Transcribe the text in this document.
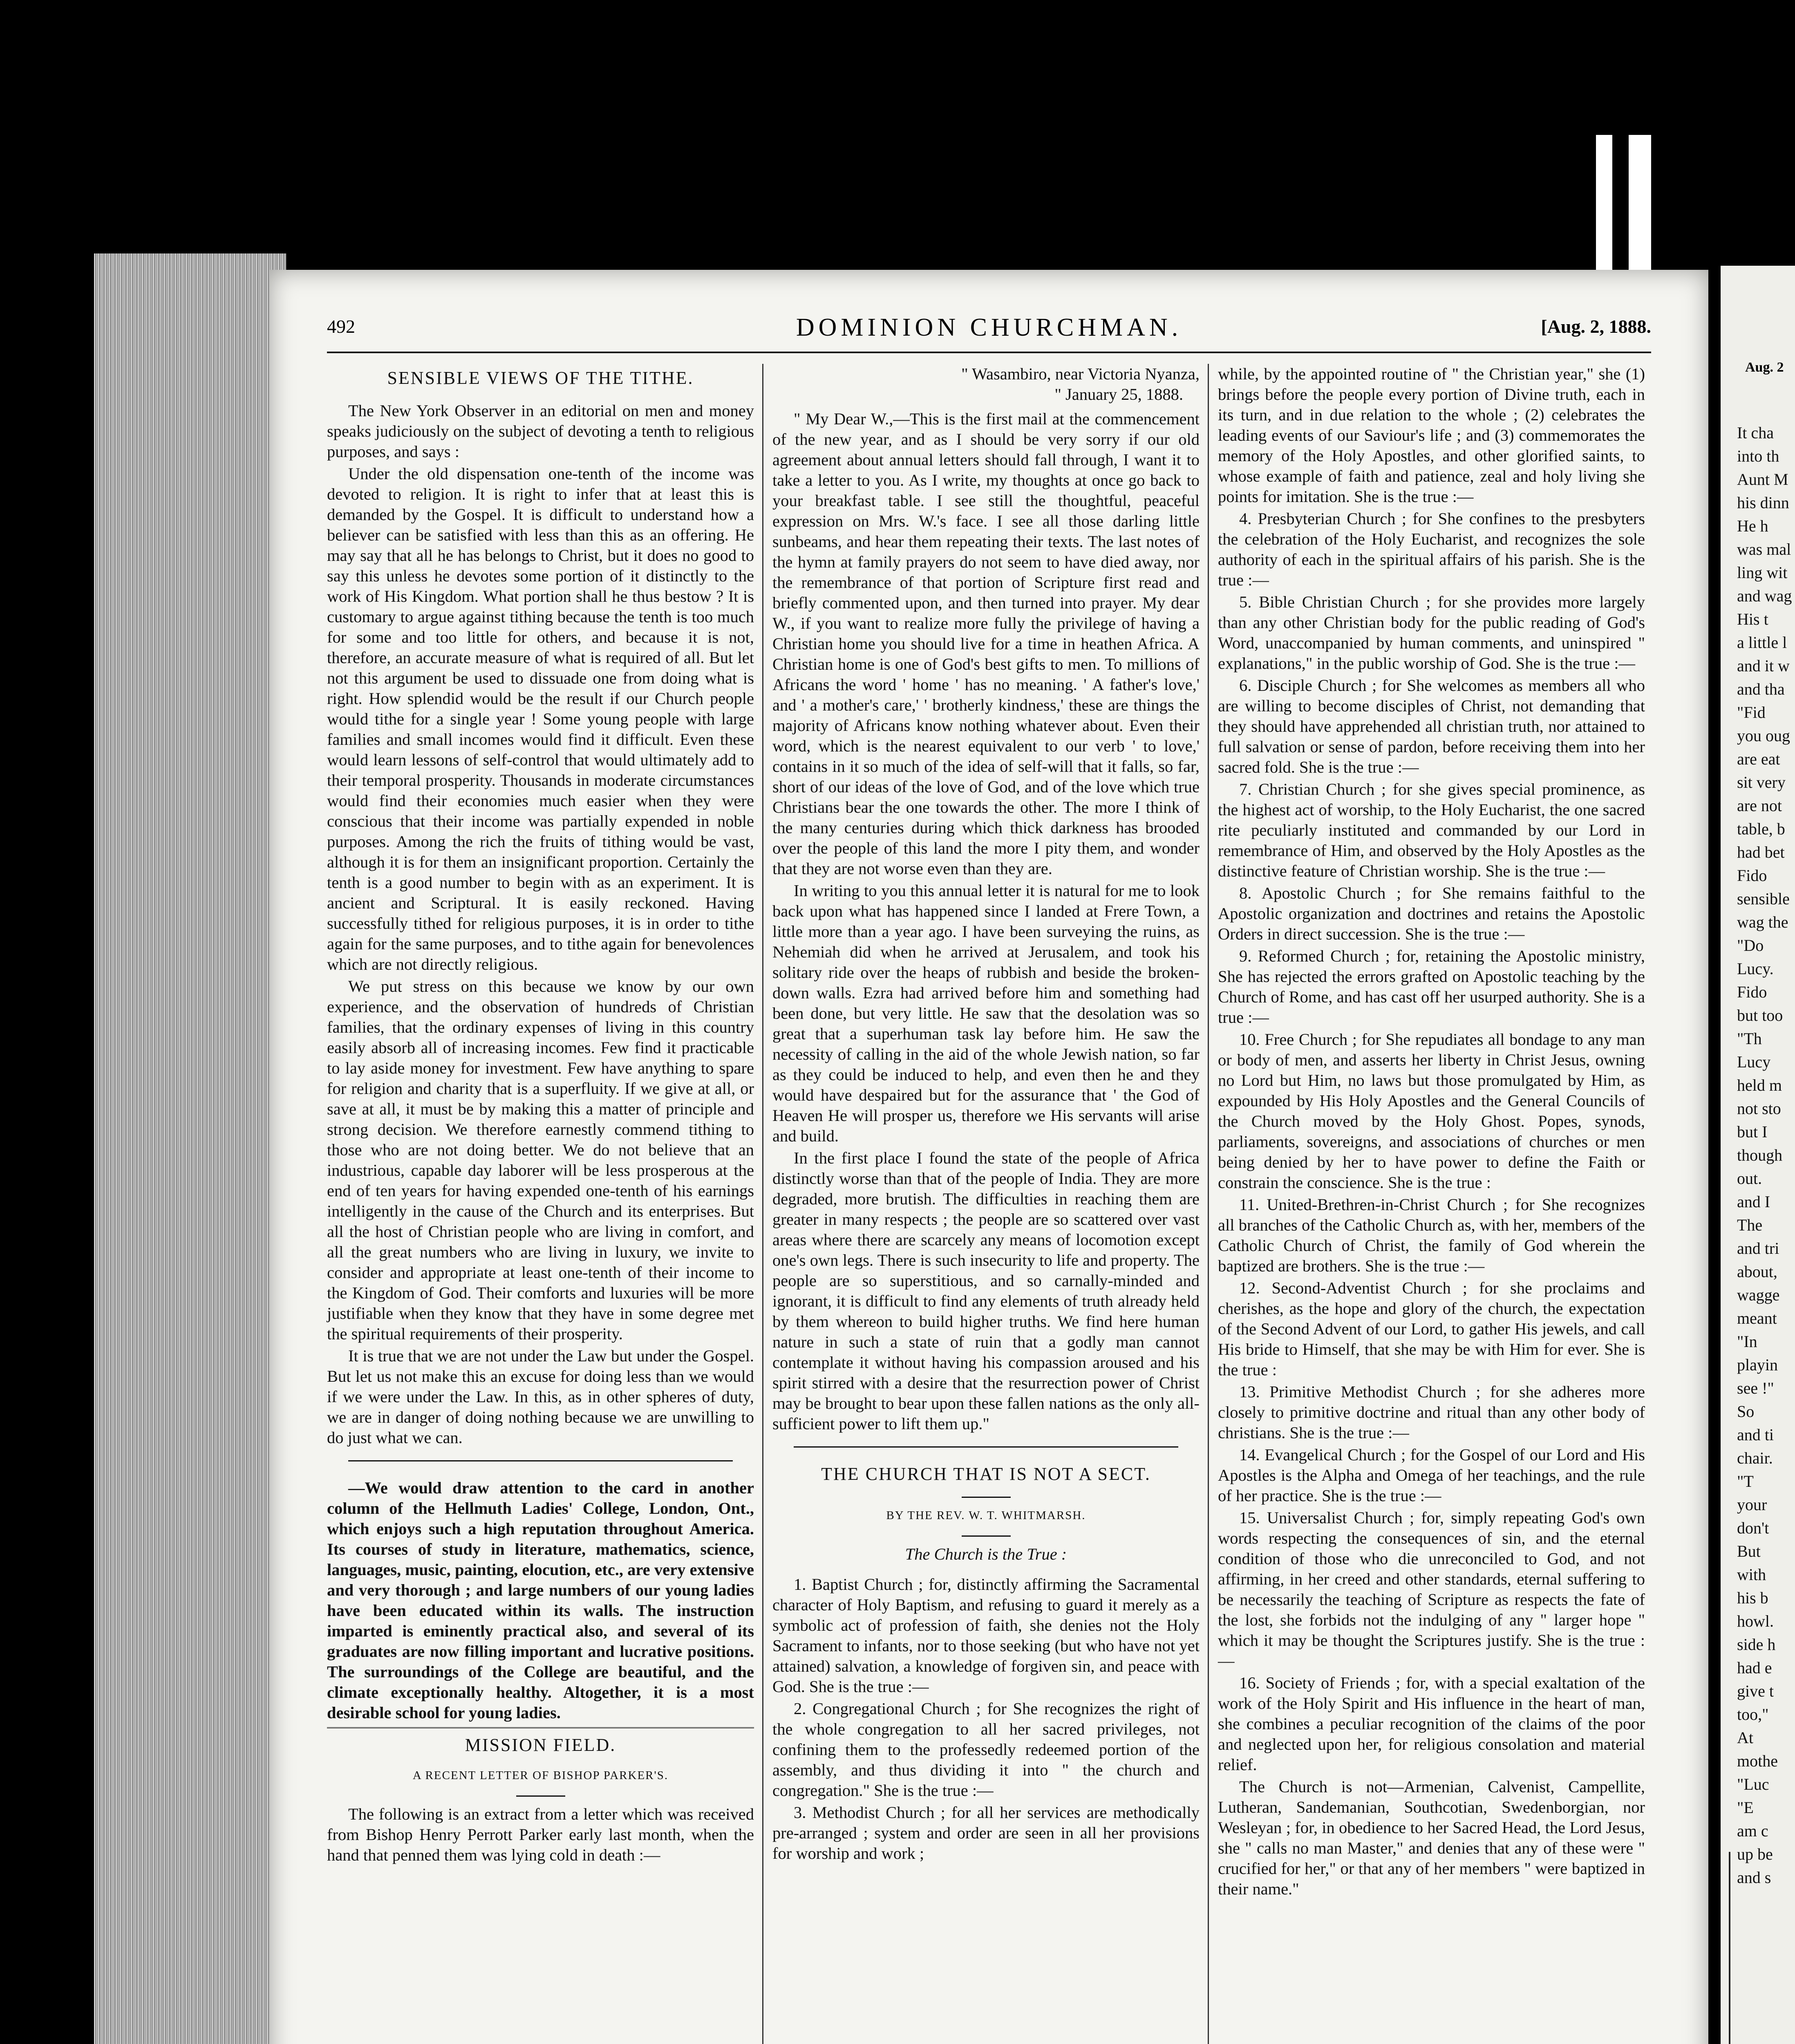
Aug. 2
It cha
into th
Aunt M
his dinn
He h
was mal
ling wit
and wag
His t
a little l
and it w
and tha
"Fid
you oug
are eat
sit very
are not
table, b
had bet
Fido
sensible
wag the
"Do
Lucy.
Fido
but too
"Th
Lucy
held m
not sto
but I
though
out.
and I
The
and tri
about,
wagge
meant
"In
playin
see !"
So
and ti
chair.
"T
your
don't
But
with
his b
howl.
side h
had e
give t
too,"
At
mothe
"Luc
"E
am c
up be
and s
492	DOMINION CHURCHMAN.	[Aug. 2, 1888.

SENSIBLE VIEWS OF THE TITHE.

The New York Observer in an editorial on men and money speaks judiciously on the subject of devoting a tenth to religious purposes, and says :

Under the old dispensation one-tenth of the income was devoted to religion. It is right to infer that at least this is demanded by the Gospel. It is difficult to understand how a believer can be satisfied with less than this as an offering. He may say that all he has belongs to Christ, but it does no good to say this unless he devotes some portion of it distinctly to the work of His Kingdom. What portion shall he thus bestow ? It is customary to argue against tithing because the tenth is too much for some and too little for others, and because it is not, therefore, an accurate measure of what is required of all. But let not this argument be used to dissuade one from doing what is right. How splendid would be the result if our Church people would tithe for a single year ! Some young people with large families and small incomes would find it difficult. Even these would learn lessons of self-control that would ultimately add to their temporal prosperity. Thousands in moderate circumstances would find their economies much easier when they were conscious that their income was partially expended in noble purposes. Among the rich the fruits of tithing would be vast, although it is for them an insignificant proportion. Certainly the tenth is a good number to begin with as an experiment. It is ancient and Scriptural. It is easily reckoned. Having successfully tithed for religious purposes, it is in order to tithe again for the same purposes, and to tithe again for benevolences which are not directly religious.

We put stress on this because we know by our own experience, and the observation of hundreds of Christian families, that the ordinary expenses of living in this country easily absorb all of increasing incomes. Few find it practicable to lay aside money for investment. Few have anything to spare for religion and charity that is a superfluity. If we give at all, or save at all, it must be by making this a matter of principle and strong decision. We therefore earnestly commend tithing to those who are not doing better. We do not believe that an industrious, capable day laborer will be less prosperous at the end of ten years for having expended one-tenth of his earnings intelligently in the cause of the Church and its enterprises. But all the host of Christian people who are living in comfort, and all the great numbers who are living in luxury, we invite to consider and appropriate at least one-tenth of their income to the Kingdom of God. Their comforts and luxuries will be more justifiable when they know that they have in some degree met the spiritual requirements of their prosperity.

It is true that we are not under the Law but under the Gospel. But let us not make this an excuse for doing less than we would if we were under the Law. In this, as in other spheres of duty, we are in danger of doing nothing because we are unwilling to do just what we can.

—We would draw attention to the card in another column of the Hellmuth Ladies' College, London, Ont., which enjoys such a high reputation throughout America. Its courses of study in literature, mathematics, science, languages, music, painting, elocution, etc., are very extensive and very thorough ; and large numbers of our young ladies have been educated within its walls. The instruction imparted is eminently practical also, and several of its graduates are now filling important and lucrative positions. The surroundings of the College are beautiful, and the climate exceptionally healthy. Altogether, it is a most desirable school for young ladies.

MISSION FIELD.

A RECENT LETTER OF BISHOP PARKER'S.

The following is an extract from a letter which was received from Bishop Henry Perrott Parker early last month, when the hand that penned them was lying cold in death :—

" Wasambiro, near Victoria Nyanza,

" January 25, 1888.

" My Dear W.,—This is the first mail at the commencement of the new year, and as I should be very sorry if our old agreement about annual letters should fall through, I want it to take a letter to you. As I write, my thoughts at once go back to your breakfast table. I see still the thoughtful, peaceful expression on Mrs. W.'s face. I see all those darling little sunbeams, and hear them repeating their texts. The last notes of the hymn at family prayers do not seem to have died away, nor the remembrance of that portion of Scripture first read and briefly commented upon, and then turned into prayer. My dear W., if you want to realize more fully the privilege of having a Christian home you should live for a time in heathen Africa. A Christian home is one of God's best gifts to men. To millions of Africans the word ' home ' has no meaning. ' A father's love,' and ' a mother's care,' ' brotherly kindness,' these are things the majority of Africans know nothing whatever about. Even their word, which is the nearest equivalent to our verb ' to love,' contains in it so much of the idea of self-will that it falls, so far, short of our ideas of the love of God, and of the love which true Christians bear the one towards the other. The more I think of the many centuries during which thick darkness has brooded over the people of this land the more I pity them, and wonder that they are not worse even than they are.

In writing to you this annual letter it is natural for me to look back upon what has happened since I landed at Frere Town, a little more than a year ago. I have been surveying the ruins, as Nehemiah did when he arrived at Jerusalem, and took his solitary ride over the heaps of rubbish and beside the broken-down walls. Ezra had arrived before him and something had been done, but very little. He saw that the desolation was so great that a superhuman task lay before him. He saw the necessity of calling in the aid of the whole Jewish nation, so far as they could be induced to help, and even then he and they would have despaired but for the assurance that ' the God of Heaven He will prosper us, therefore we His servants will arise and build.

In the first place I found the state of the people of Africa distinctly worse than that of the people of India. They are more degraded, more brutish. The difficulties in reaching them are greater in many respects ; the people are so scattered over vast areas where there are scarcely any means of locomotion except one's own legs. There is such insecurity to life and property. The people are so superstitious, and so carnally-minded and ignorant, it is difficult to find any elements of truth already held by them whereon to build higher truths. We find here human nature in such a state of ruin that a godly man cannot contemplate it without having his compassion aroused and his spirit stirred with a desire that the resurrection power of Christ may be brought to bear upon these fallen nations as the only all-sufficient power to lift them up."

THE CHURCH THAT IS NOT A SECT.

BY THE REV. W. T. WHITMARSH.

The Church is the True :

1. Baptist Church ; for, distinctly affirming the Sacramental character of Holy Baptism, and refusing to guard it merely as a symbolic act of profession of faith, she denies not the Holy Sacrament to infants, nor to those seeking (but who have not yet attained) salvation, a knowledge of forgiven sin, and peace with God. She is the true :—

2. Congregational Church ; for She recognizes the right of the whole congregation to all her sacred privileges, not confining them to the professedly redeemed portion of the assembly, and thus dividing it into " the church and congregation." She is the true :—

3. Methodist Church ; for all her services are methodically pre-arranged ; system and order are seen in all her provisions for worship and work ;

while, by the appointed routine of " the Christian year," she (1) brings before the people every portion of Divine truth, each in its turn, and in due relation to the whole ; (2) celebrates the leading events of our Saviour's life ; and (3) commemorates the memory of the Holy Apostles, and other glorified saints, to whose example of faith and patience, zeal and holy living she points for imitation. She is the true :—

4. Presbyterian Church ; for She confines to the presbyters the celebration of the Holy Eucharist, and recognizes the sole authority of each in the spiritual affairs of his parish. She is the true :—

5. Bible Christian Church ; for she provides more largely than any other Christian body for the public reading of God's Word, unaccompanied by human comments, and uninspired " explanations," in the public worship of God. She is the true :—

6. Disciple Church ; for She welcomes as members all who are willing to become disciples of Christ, not demanding that they should have apprehended all christian truth, nor attained to full salvation or sense of pardon, before receiving them into her sacred fold. She is the true :—

7. Christian Church ; for she gives special prominence, as the highest act of worship, to the Holy Eucharist, the one sacred rite peculiarly instituted and commanded by our Lord in remembrance of Him, and observed by the Holy Apostles as the distinctive feature of Christian worship. She is the true :—

8. Apostolic Church ; for She remains faithful to the Apostolic organization and doctrines and retains the Apostolic Orders in direct succession. She is the true :—

9. Reformed Church ; for, retaining the Apostolic ministry, She has rejected the errors grafted on Apostolic teaching by the Church of Rome, and has cast off her usurped authority. She is a true :—

10. Free Church ; for She repudiates all bondage to any man or body of men, and asserts her liberty in Christ Jesus, owning no Lord but Him, no laws but those promulgated by Him, as expounded by His Holy Apostles and the General Councils of the Church moved by the Holy Ghost. Popes, synods, parliaments, sovereigns, and associations of churches or men being denied by her to have power to define the Faith or constrain the conscience. She is the true :

11. United-Brethren-in-Christ Church ; for She recognizes all branches of the Catholic Church as, with her, members of the Catholic Church of Christ, the family of God wherein the baptized are brothers. She is the true :—

12. Second-Adventist Church ; for she proclaims and cherishes, as the hope and glory of the church, the expectation of the Second Advent of our Lord, to gather His jewels, and call His bride to Himself, that she may be with Him for ever. She is the true :

13. Primitive Methodist Church ; for she adheres more closely to primitive doctrine and ritual than any other body of christians. She is the true :—

14. Evangelical Church ; for the Gospel of our Lord and His Apostles is the Alpha and Omega of her teachings, and the rule of her practice. She is the true :—

15. Universalist Church ; for, simply repeating God's own words respecting the consequences of sin, and the eternal condition of those who die unreconciled to God, and not affirming, in her creed and other standards, eternal suffering to be necessarily the teaching of Scripture as respects the fate of the lost, she forbids not the indulging of any " larger hope " which it may be thought the Scriptures justify. She is the true :—

16. Society of Friends ; for, with a special exaltation of the work of the Holy Spirit and His influence in the heart of man, she combines a peculiar recognition of the claims of the poor and neglected upon her, for religious consolation and material relief.

The Church is not—Armenian, Calvenist, Campellite, Lutheran, Sandemanian, Southcotian, Swedenborgian, nor Wesleyan ; for, in obedience to her Sacred Head, the Lord Jesus, she " calls no man Master," and denies that any of these were " crucified for her," or that any of her members " were baptized in their name."
